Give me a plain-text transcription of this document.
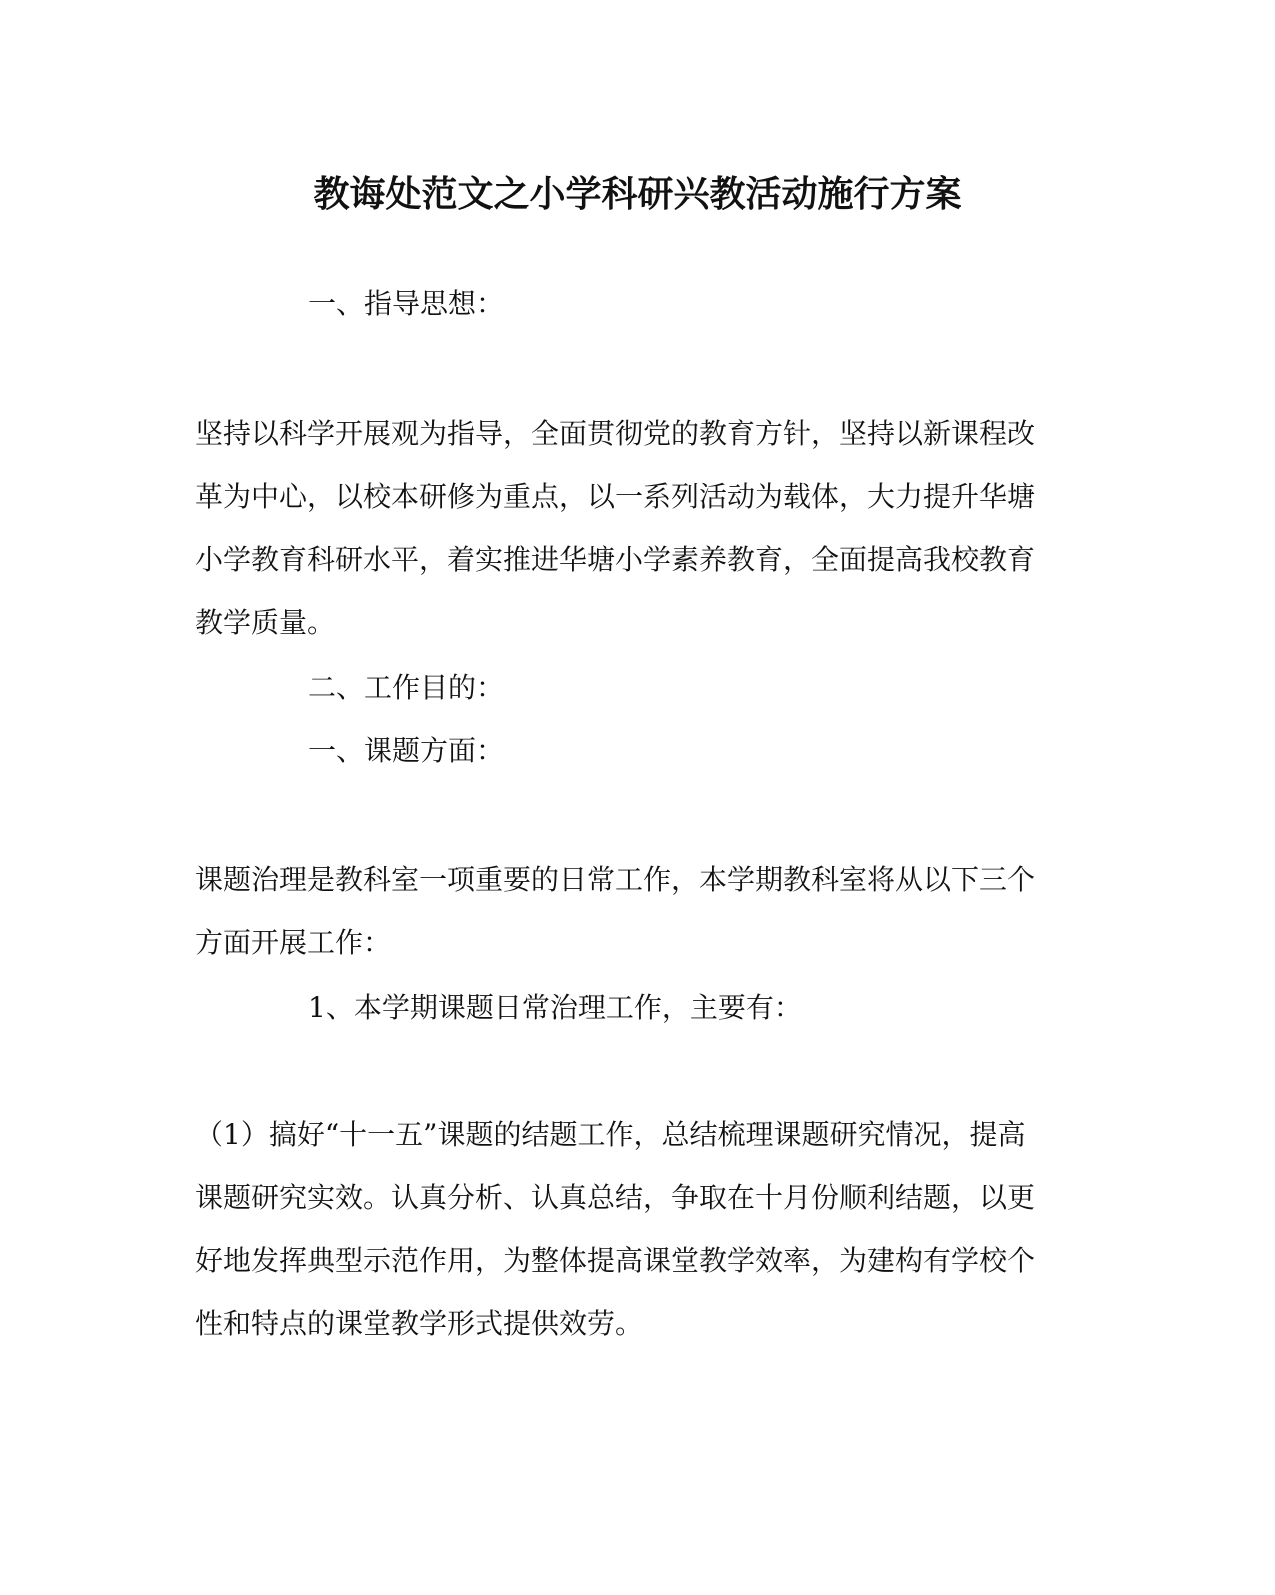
教诲处范文之小学科研兴教活动施行方案

一、指导思想：

坚持以科学开展观为指导，全面贯彻党的教育方针，坚持以新课程改

革为中心，以校本研修为重点，以一系列活动为载体，大力提升华塘

小学教育科研水平，着实推进华塘小学素养教育，全面提高我校教育

教学质量。

二、工作目的：

一、课题方面：

课题治理是教科室一项重要的日常工作，本学期教科室将从以下三个

方面开展工作：

1、本学期课题日常治理工作，主要有：

（1）搞好“十一五”课题的结题工作，总结梳理课题研究情况，提高

课题研究实效。认真分析、认真总结，争取在十月份顺利结题，以更

好地发挥典型示范作用，为整体提高课堂教学效率，为建构有学校个

性和特点的课堂教学形式提供效劳。
